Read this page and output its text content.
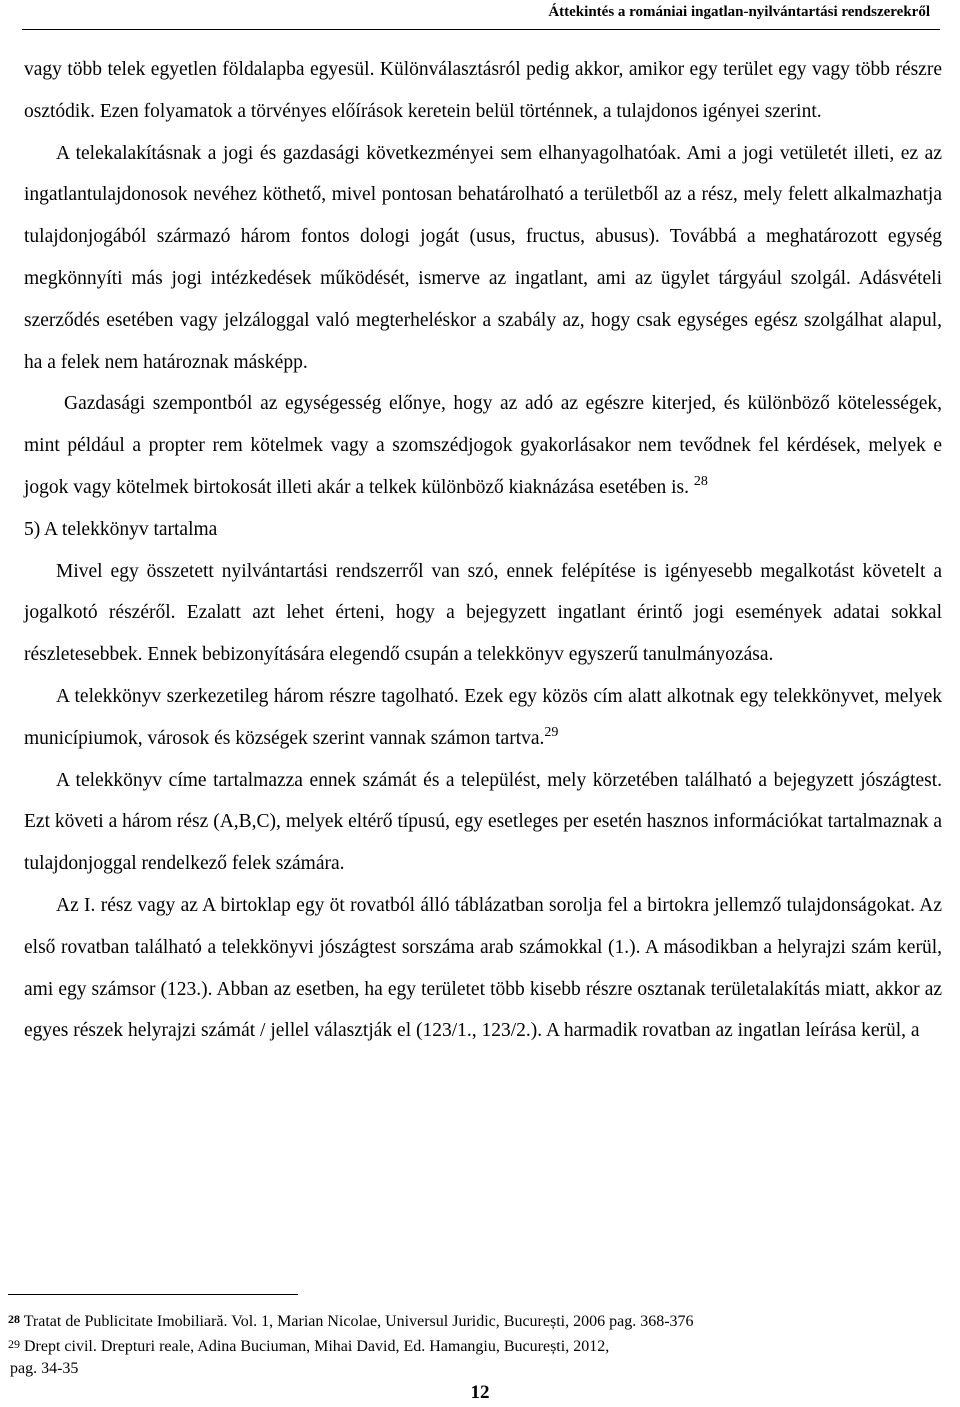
Áttekintés a romániai ingatlan-nyilvántartási rendszerekről

vagy több telek egyetlen földalapba egyesül. Különválasztásról pedig akkor, amikor egy terület egy vagy több részre osztódik. Ezen folyamatok a törvényes előírások keretein belül történnek, a tulajdonos igényei szerint.

A telekalakításnak a jogi és gazdasági következményei sem elhanyagolhatóak. Ami a jogi vetületét illeti, ez az ingatlantulajdonosok nevéhez köthető, mivel pontosan behatárolható a területből az a rész, mely felett alkalmazhatja tulajdonjogából származó három fontos dologi jogát (usus, fructus, abusus). Továbbá a meghatározott egység megkönnyíti más jogi intézkedések működését, ismerve az ingatlant, ami az ügylet tárgyául szolgál. Adásvételi szerződés esetében vagy jelzáloggal való megterheléskor a szabály az, hogy csak egységes egész szolgálhat alapul, ha a felek nem határoznak másképp.

Gazdasági szempontból az egységesség előnye, hogy az adó az egészre kiterjed, és különböző kötelességek, mint például a propter rem kötelmek vagy a szomszédjogok gyakorlásakor nem tevődnek fel kérdések, melyek e jogok vagy kötelmek birtokosát illeti akár a telkek különböző kiaknázása esetében is. $^{28}$

5) A telekkönyv tartalma

Mivel egy összetett nyilvántartási rendszerről van szó, ennek felépítése is igényesebb megalkotást követelt a jogalkotó részéről. Ezalatt azt lehet érteni, hogy a bejegyzett ingatlant érintő jogi események adatai sokkal részletesebbek. Ennek bebizonyítására elegendő csupán a telekkönyv egyszerű tanulmányozása.

A telekkönyv szerkezetileg három részre tagolható. Ezek egy közös cím alatt alkotnak egy telekkönyvet, melyek municípiumok, városok és községek szerint vannak számon tartva.$^{29}$

A telekkönyv címe tartalmazza ennek számát és a települést, mely körzetében található a bejegyzett jószágtest. Ezt követi a három rész (A,B,C), melyek eltérő típusú, egy esetleges per esetén hasznos információkat tartalmaznak a tulajdonjoggal rendelkező felek számára.

Az I. rész vagy az A birtoklap egy öt rovatból álló táblázatban sorolja fel a birtokra jellemző tulajdonságokat. Az első rovatban található a telekkönyvi jószágtest sorszáma arab számokkal (1.). A másodikban a helyrajzi szám kerül, ami egy számsor (123.). Abban az esetben, ha egy területet több kisebb részre osztanak területalakítás miatt, akkor az egyes részek helyrajzi számát / jellel választják el (123/1., 123/2.). A harmadik rovatban az ingatlan leírása kerül, a

28 Tratat de Publicitate Imobiliară. Vol. 1, Marian Nicolae, Universul Juridic, București, 2006 pag. 368-376

29 Drept civil. Drepturi reale, Adina Buciuman, Mihai David, Ed. Hamangiu, București, 2012,

pag. 34-35

12
